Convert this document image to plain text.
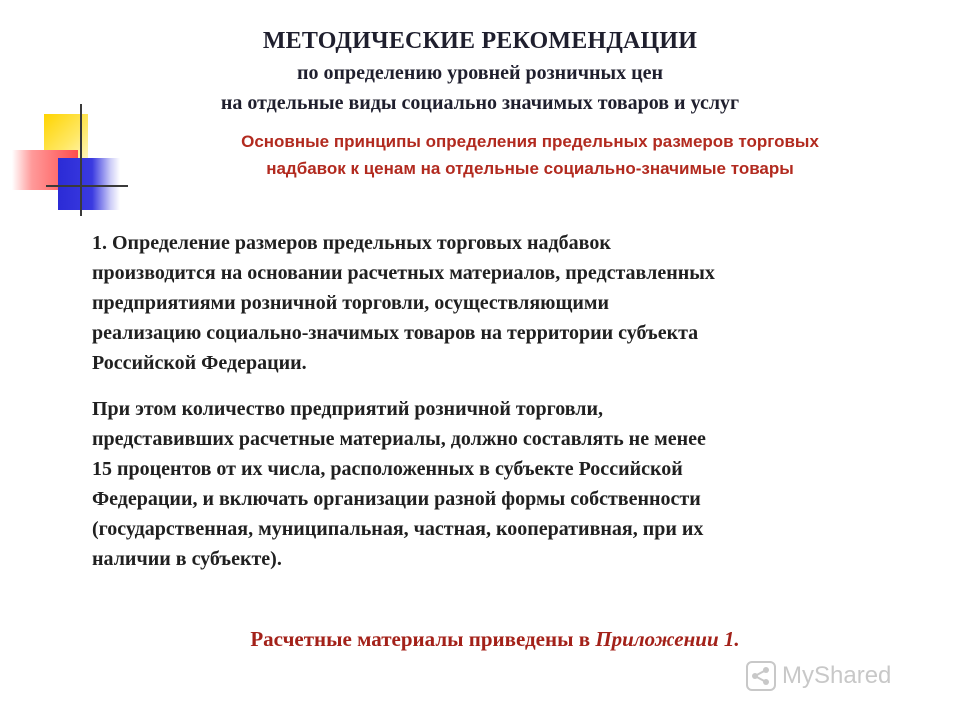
МЕТОДИЧЕСКИЕ РЕКОМЕНДАЦИИ
по определению уровней розничных цен
на отдельные виды социально значимых товаров и услуг
Основные принципы определения предельных размеров торговых
надбавок к ценам на отдельные социально-значимые товары
1. Определение размеров предельных торговых надбавок
производится на основании расчетных материалов, представленных
предприятиями розничной торговли, осуществляющими
реализацию социально-значимых товаров на территории субъекта
Российской Федерации.
При этом количество предприятий розничной торговли,
представивших расчетные материалы, должно составлять не менее
15 процентов от их числа, расположенных в субъекте Российской
Федерации, и включать организации разной формы собственности
(государственная, муниципальная, частная, кооперативная, при их
наличии в субъекте).
Расчетные материалы приведены в Приложении 1.
MyShared
